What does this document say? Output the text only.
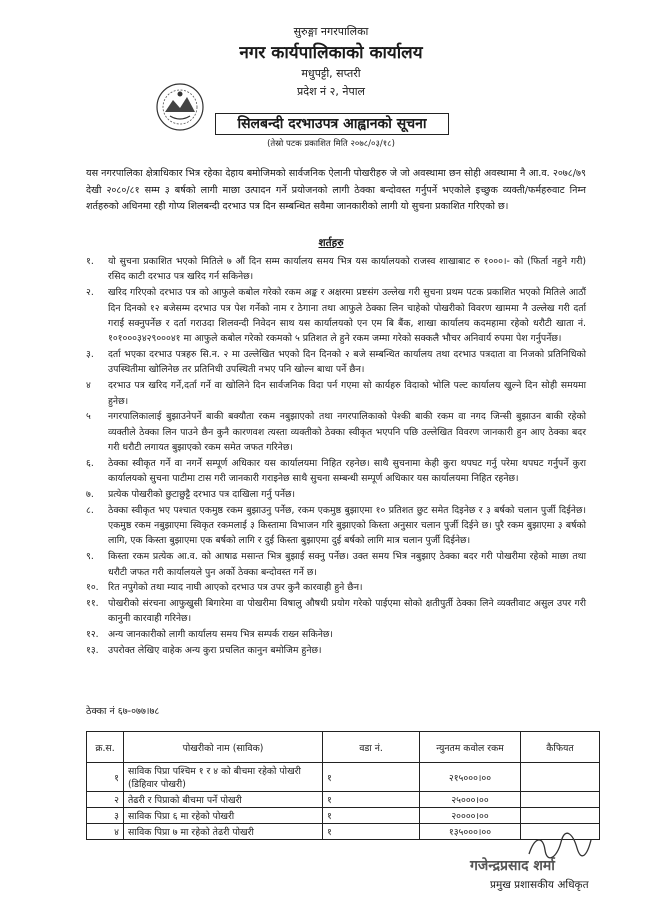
सुरुङ्गा नगरपालिका
नगर कार्यपालिकाको कार्यालय
मधुपट्टी, सप्तरी
प्रदेश नं २, नेपाल
सिलबन्दी दरभाउपत्र आह्वानको सूचना
(तेस्रो पटक प्रकाशित मिति २०७८/०३/१८)
यस नगरपालिका क्षेत्राधिकार भित्र रहेका देहाय बमोजिमको सार्वजनिक ऐलानी पोखरीहरु जे जो अवस्थामा छन सोही अवस्थामा नै आ.व. २०७८/७९ देखी २०८०/८१ सम्म ३ बर्षको लागी माछा उत्पादन गर्ने प्रयोजनको लागी ठेक्का बन्दोवस्त गर्नुपर्ने भएकोले इच्छुक व्यक्ती/फर्महरुवाट निम्न शर्तहरुको अधिनमा रही गोप्य शिलबन्दी दरभाउ पत्र दिन सम्बन्धित सवैमा जानकारीको लागी यो सुचना प्रकाशित गरिएको छ।
शर्तहरु
१.	यो सुचना प्रकाशित भएको मितिले ७ औं दिन सम्म कार्यालय समय भित्र यस कार्यालयको राजस्व शाखाबाट रु १०००।- को (फिर्ता नहुने गरी) रसिद काटी दरभाउ पत्र खरिद गर्न सकिनेछ।
२.	खरिद गरिएको दरभाउ पत्र को आफुले कबोल गरेको रकम अङ्क र अक्षरमा प्रष्टसंग उल्लेख गरी सुचना प्रथम पटक प्रकाशित भएको मितिले आठौं दिन दिनको १२ बजेसम्म दरभाउ पत्र पेश गर्नेको नाम र ठेगाना तथा आफुले ठेक्का लिन चाहेको पोखरीको विवरण खाममा नै उल्लेख गरी दर्ता गराई सक्नुपर्नेछ र दर्ता गराउदा शिलवन्दी निवेदन साथ यस कार्यालयको एन एम बि बैंक, शाखा कार्यालय कदमहामा रहेको धरौटी खाता नं. १०१०००३४२९०००४१ मा आफुले कबोल गरेको रकमको ५ प्रतिशत ले हुने रकम जम्मा गरेको सक्कलै भौचर अनिवार्य रुपमा पेश गर्नुपर्नेछ।
३.	दर्ता भएका दरभाउ पत्रहरु सि.न. २ मा उल्लेखित भएको दिन दिनको २ बजे सम्बन्धित कार्यालय तथा दरभाउ पत्रदाता वा निजको प्रतिनिधिको उपस्थितीमा खोलिनेछ तर प्रतिनिधी उपस्थिती नभए पनि खोल्न बाधा पर्ने छैन।
४	दरभाउ पत्र खरिद गर्ने,दर्ता गर्ने वा खोलिने दिन सार्वजनिक विदा पर्न गएमा सो कार्यहरु विदाको भोलि पल्ट कार्यालय खुल्ने दिन सोही समयमा हुनेछ।
५	नगरपालिकालाई बुझाउनेपर्ने बाकी बक्यौता रकम नबुझाएको तथा नगरपालिकाको पेश्की बाकी रकम वा नगद जिन्सी बुझाउन बाकी रहेको व्यक्तीले ठेक्का लिन पाउने छैन कुनै कारणवश त्यस्ता व्यक्तीको ठेक्का स्वीकृत भएपनि पछि उल्लेखित विवरण जानकारी हुन आए ठेक्का बदर गरी धरौटी लगायत बुझाएको रकम समेत जफत गरिनेछ।
६.	ठेक्का स्वीकृत गर्ने वा नगर्ने सम्पूर्ण अधिकार यस कार्यालयमा निहित रहनेछ। साथै सुचनामा केही कुरा थपघट गर्नु परेमा थपघट गर्नुपर्ने कुरा कार्यालयको सुचना पाटीमा टास गरी जानकारी गराइनेछ साथै सुचना सम्बन्धी सम्पूर्ण अधिकार यस कार्यालयमा निहित रहनेछ।
७.	प्रत्येक पोखरीको छुटाछुट्टै दरभाउ पत्र दाखिला गर्नु पर्नेछ।
८.	ठेक्का स्वीकृत भए पश्चात एकमुष्ठ रकम बुझाउनु पर्नेछ, रकम एकमुष्ठ बुझाएमा १० प्रतिशत छुट समेत दिइनेछ र ३ बर्षको चलान पुर्जी दिईनेछ। एकमुष्ठ रकम नबुझाएमा स्विकृत रकमलाई ३ किस्तामा विभाजन गरि बुझाएको किस्ता अनुसार चलान पुर्जी दिईने छ। पुरै रकम बुझाएमा ३ बर्षको लागि, एक किस्ता बुझाएमा एक बर्षको लागि र दुई किस्ता बुझाएमा दुई बर्षको लागि मात्र चलान पुर्जी दिईनेछ।
९.	किस्ता रकम प्रत्येक आ.व. को आषाढ मसान्त भित्र बुझाई सक्नु पर्नेछ। उक्त समय भित्र नबुझाए ठेक्का बदर गरी पोखरीमा रहेको माछा तथा धरौटी जफत गरी कार्यालयले पुन अर्को ठेक्का बन्दोवस्त गर्ने छ।
१०.	रित नपुगेको तथा म्याद नाघी आएको दरभाउ पत्र उपर कुनै कारवाही हुने छैन।
११.	पोखरीको संरचना आफुखुसी बिगारेमा वा पोखरीमा विषालु औषधी प्रयोग गरेको पाईएमा सोको क्षतीपुर्ती ठेक्का लिने व्यक्तीवाट असुल उपर गरी कानुनी कारवाही गरिनेछ।
१२.	अन्य जानकारीको लागी कार्यालय समय भित्र सम्पर्क राख्न सकिनेछ।
१३.	उपरोक्त लेखिए वाहेक अन्य कुरा प्रचलित कानुन बमोजिम हुनेछ।
ठेक्का नं ६७-०७७।७८
क्र.स.	पोखरीको नाम (साविक)	वडा नं.	न्युनतम कवोल रकम	कैफियत
१	साविक पिप्रा पश्चिम १ र ४ को बीचमा रहेको पोखरी (डिहिवार पोखरी)	१	२१५०००।००	
२	तेढरी र पिप्राको बीचमा पर्ने पोखरी	१	२५०००।००	
३	साविक पिप्रा ६ मा रहेको पोखरी	१	२००००।००	
४	साविक पिप्रा ७ मा रहेको तेढरी पोखरी	१	१३५०००।००	
गजेन्द्रप्रसाद शर्मा
प्रमुख प्रशासकीय अधिकृत
